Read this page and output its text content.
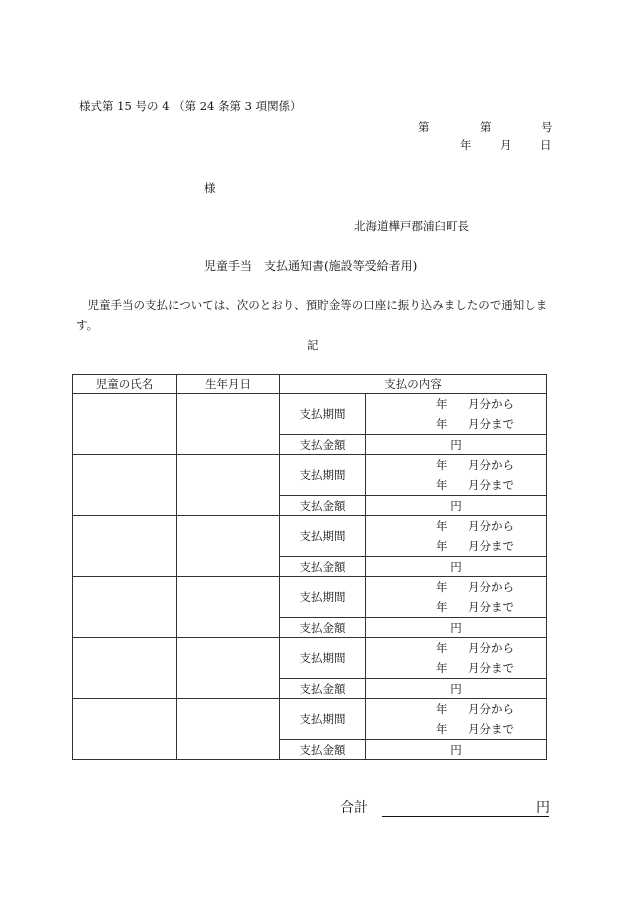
様式第 15 号の 4 （第 24 条第 3 項関係）
第	第	号
年 月 日
様
北海道樺戸郡浦臼町長
児童手当　支払通知書(施設等受給者用)

児童手当の支払については、次のとおり、預貯金等の口座に振り込みましたので通知します。

記
児童の氏名	生年月日	支払の内容	
		支払期間	年 月分から
年 月分まで

		支払金額	円
		支払期間	年 月分から
年 月分まで

		支払金額	円
		支払期間	年 月分から
年 月分まで

		支払金額	円
		支払期間	年 月分から
年 月分まで

		支払金額	円
		支払期間	年 月分から
年 月分まで

		支払金額	円
		支払期間	年 月分から
年 月分まで

		支払金額	円
合計	円
